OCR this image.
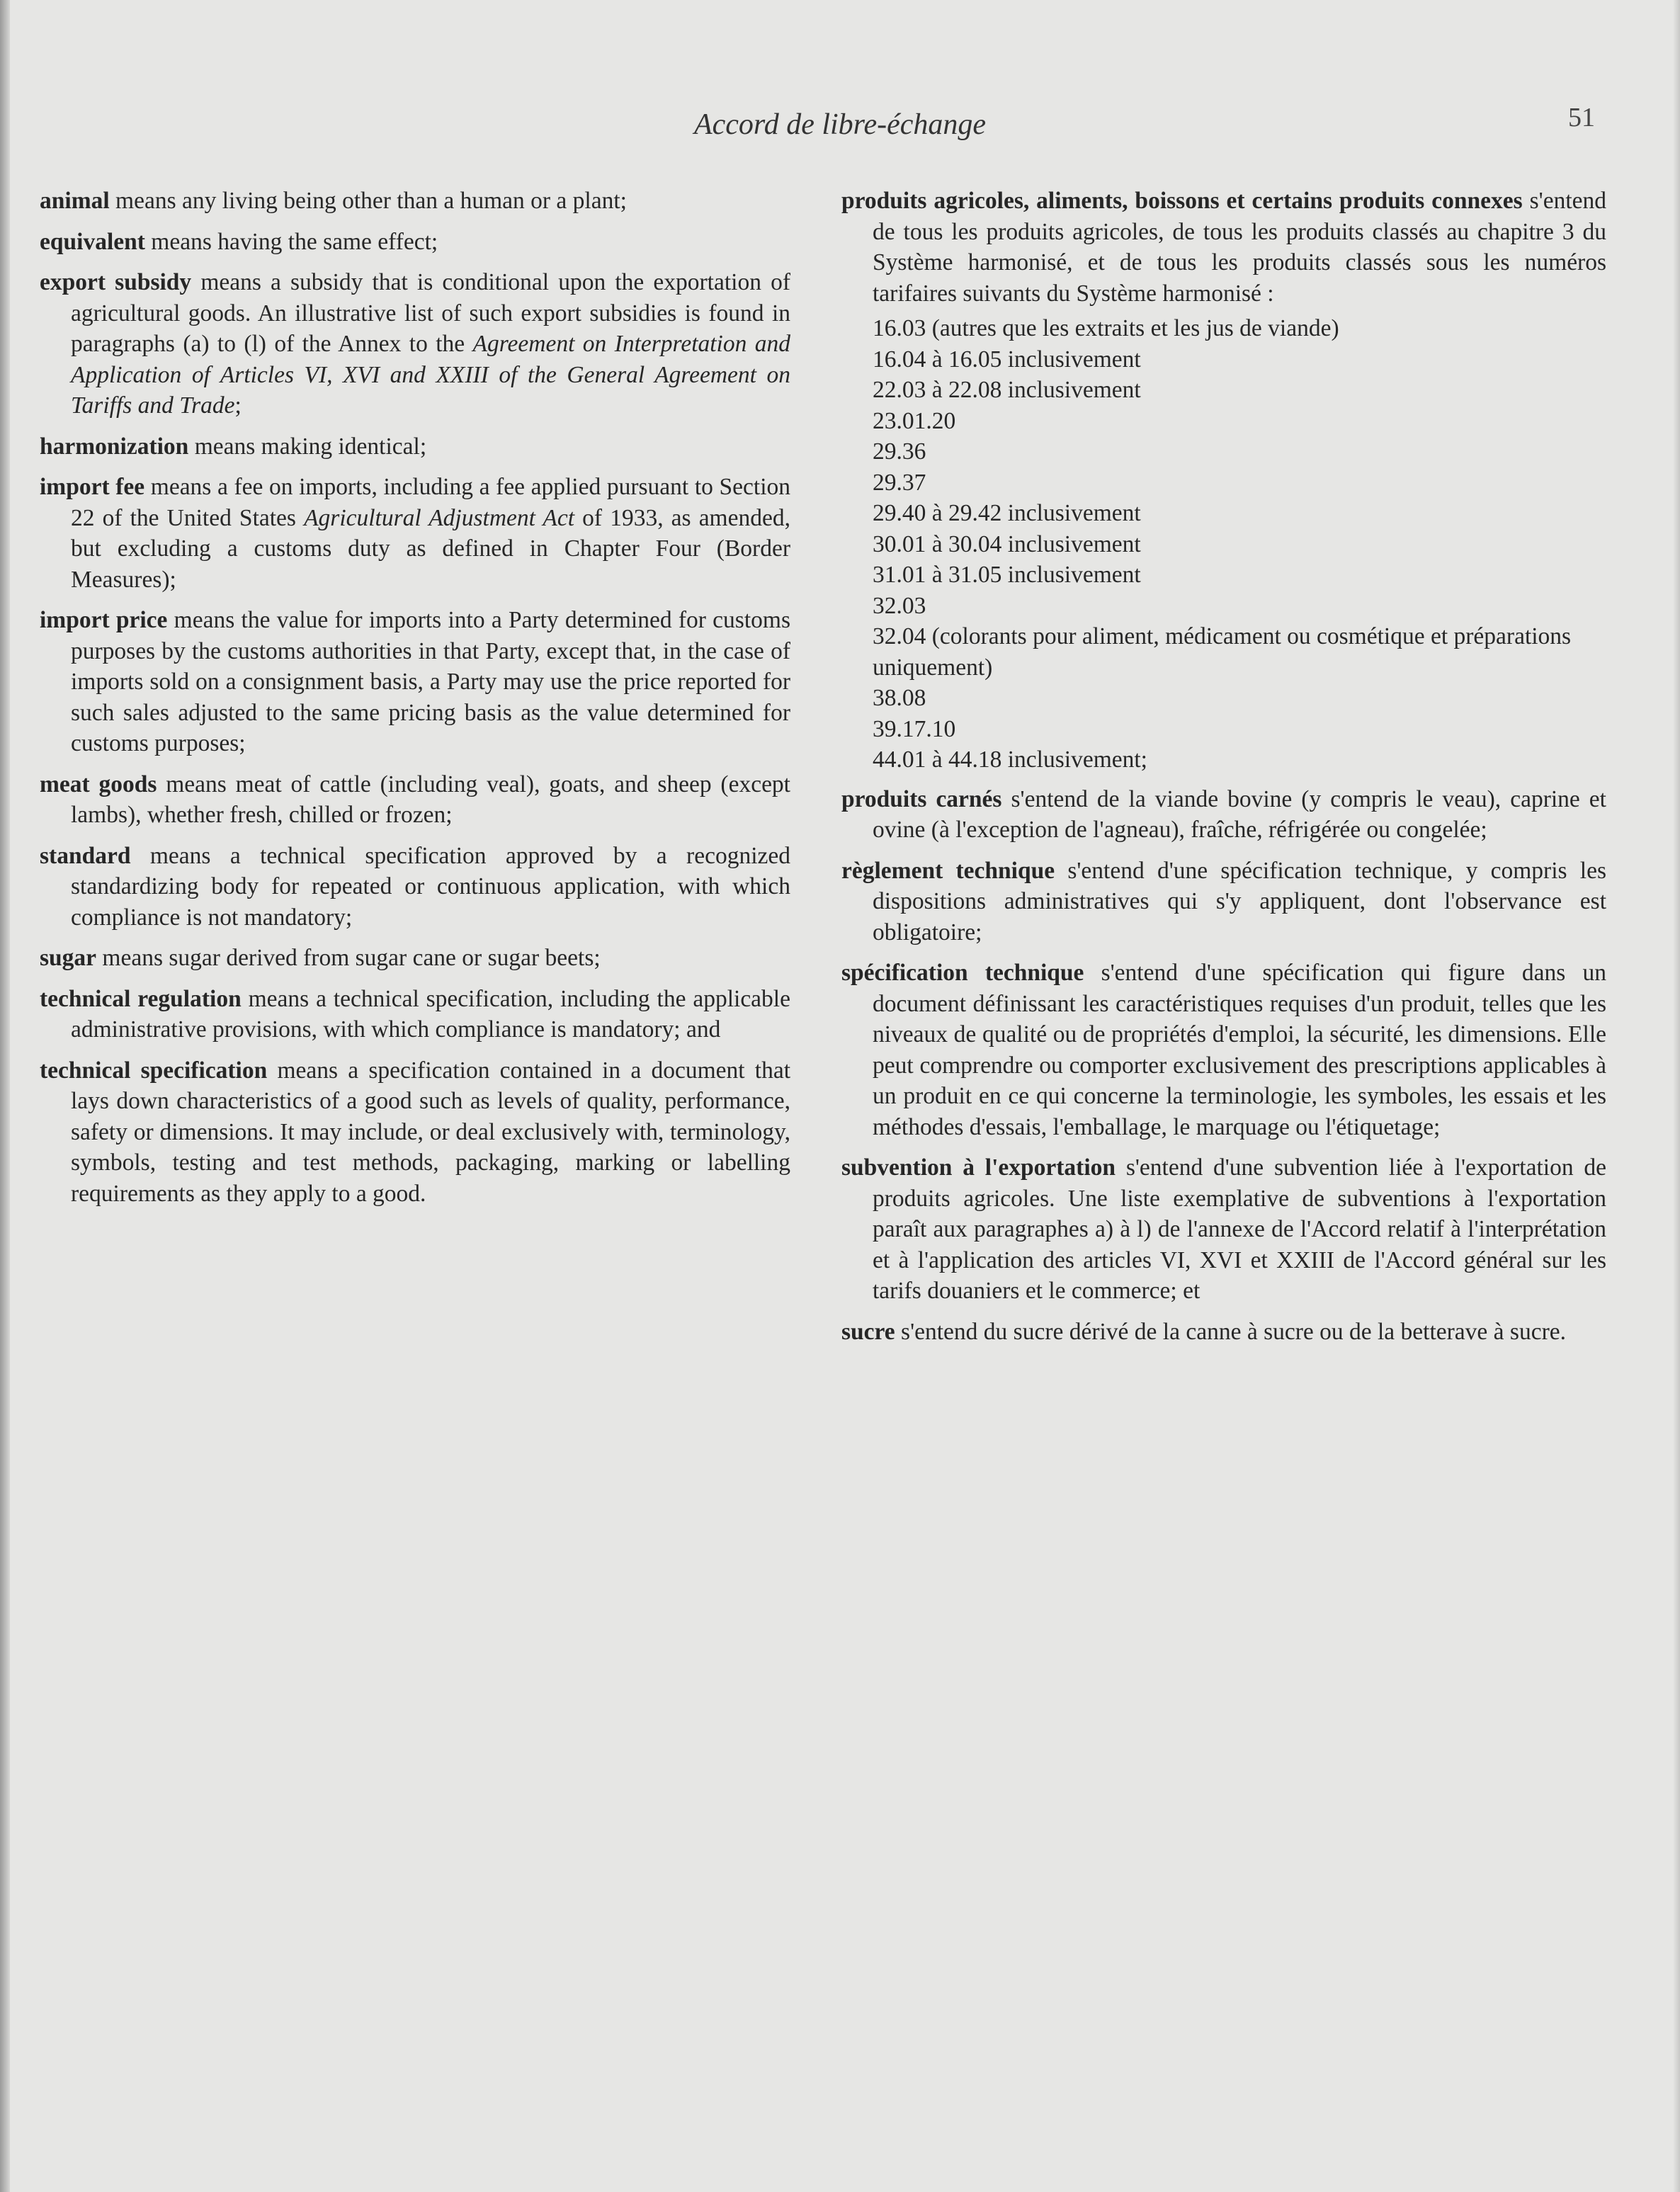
Accord de libre-échange	51

animal means any living being other than a human or a plant;

equivalent means having the same effect;

export subsidy means a subsidy that is conditional upon the exportation of agricultural goods. An illustrative list of such export subsidies is found in paragraphs (a) to (l) of the Annex to the Agreement on Interpretation and Application of Articles VI, XVI and XXIII of the General Agreement on Tariffs and Trade;

harmonization means making identical;

import fee means a fee on imports, including a fee applied pursuant to Section 22 of the United States Agricultural Adjustment Act of 1933, as amended, but excluding a customs duty as defined in Chapter Four (Border Measures);

import price means the value for imports into a Party determined for customs purposes by the customs authorities in that Party, except that, in the case of imports sold on a consignment basis, a Party may use the price reported for such sales adjusted to the same pricing basis as the value determined for customs purposes;

meat goods means meat of cattle (including veal), goats, and sheep (except lambs), whether fresh, chilled or frozen;

standard means a technical specification approved by a recognized standardizing body for repeated or continuous application, with which compliance is not mandatory;

sugar means sugar derived from sugar cane or sugar beets;

technical regulation means a technical specification, including the applicable administrative provisions, with which compliance is mandatory; and

technical specification means a specification contained in a document that lays down characteristics of a good such as levels of quality, performance, safety or dimensions. It may include, or deal exclusively with, terminology, symbols, testing and test methods, packaging, marking or labelling requirements as they apply to a good.

produits agricoles, aliments, boissons et certains produits connexes s'entend de tous les produits agricoles, de tous les produits classés au chapitre 3 du Système harmonisé, et de tous les produits classés sous les numéros tarifaires suivants du Système harmonisé :

16.03 (autres que les extraits et les jus de viande)
16.04 à 16.05 inclusivement
22.03 à 22.08 inclusivement
23.01.20
29.36
29.37
29.40 à 29.42 inclusivement
30.01 à 30.04 inclusivement
31.01 à 31.05 inclusivement
32.03
32.04 (colorants pour aliment, médicament ou cosmétique et préparations uniquement)
38.08
39.17.10
44.01 à 44.18 inclusivement;

produits carnés s'entend de la viande bovine (y compris le veau), caprine et ovine (à l'exception de l'agneau), fraîche, réfrigérée ou congelée;

règlement technique s'entend d'une spécification technique, y compris les dispositions administratives qui s'y appliquent, dont l'observance est obligatoire;

spécification technique s'entend d'une spécification qui figure dans un document définissant les caractéristiques requises d'un produit, telles que les niveaux de qualité ou de propriétés d'emploi, la sécurité, les dimensions. Elle peut comprendre ou comporter exclusivement des prescriptions applicables à un produit en ce qui concerne la terminologie, les symboles, les essais et les méthodes d'essais, l'emballage, le marquage ou l'étiquetage;

subvention à l'exportation s'entend d'une subvention liée à l'exportation de produits agricoles. Une liste exemplative de subventions à l'exportation paraît aux paragraphes a) à l) de l'annexe de l'Accord relatif à l'interprétation et à l'application des articles VI, XVI et XXIII de l'Accord général sur les tarifs douaniers et le commerce; et

sucre s'entend du sucre dérivé de la canne à sucre ou de la betterave à sucre.
